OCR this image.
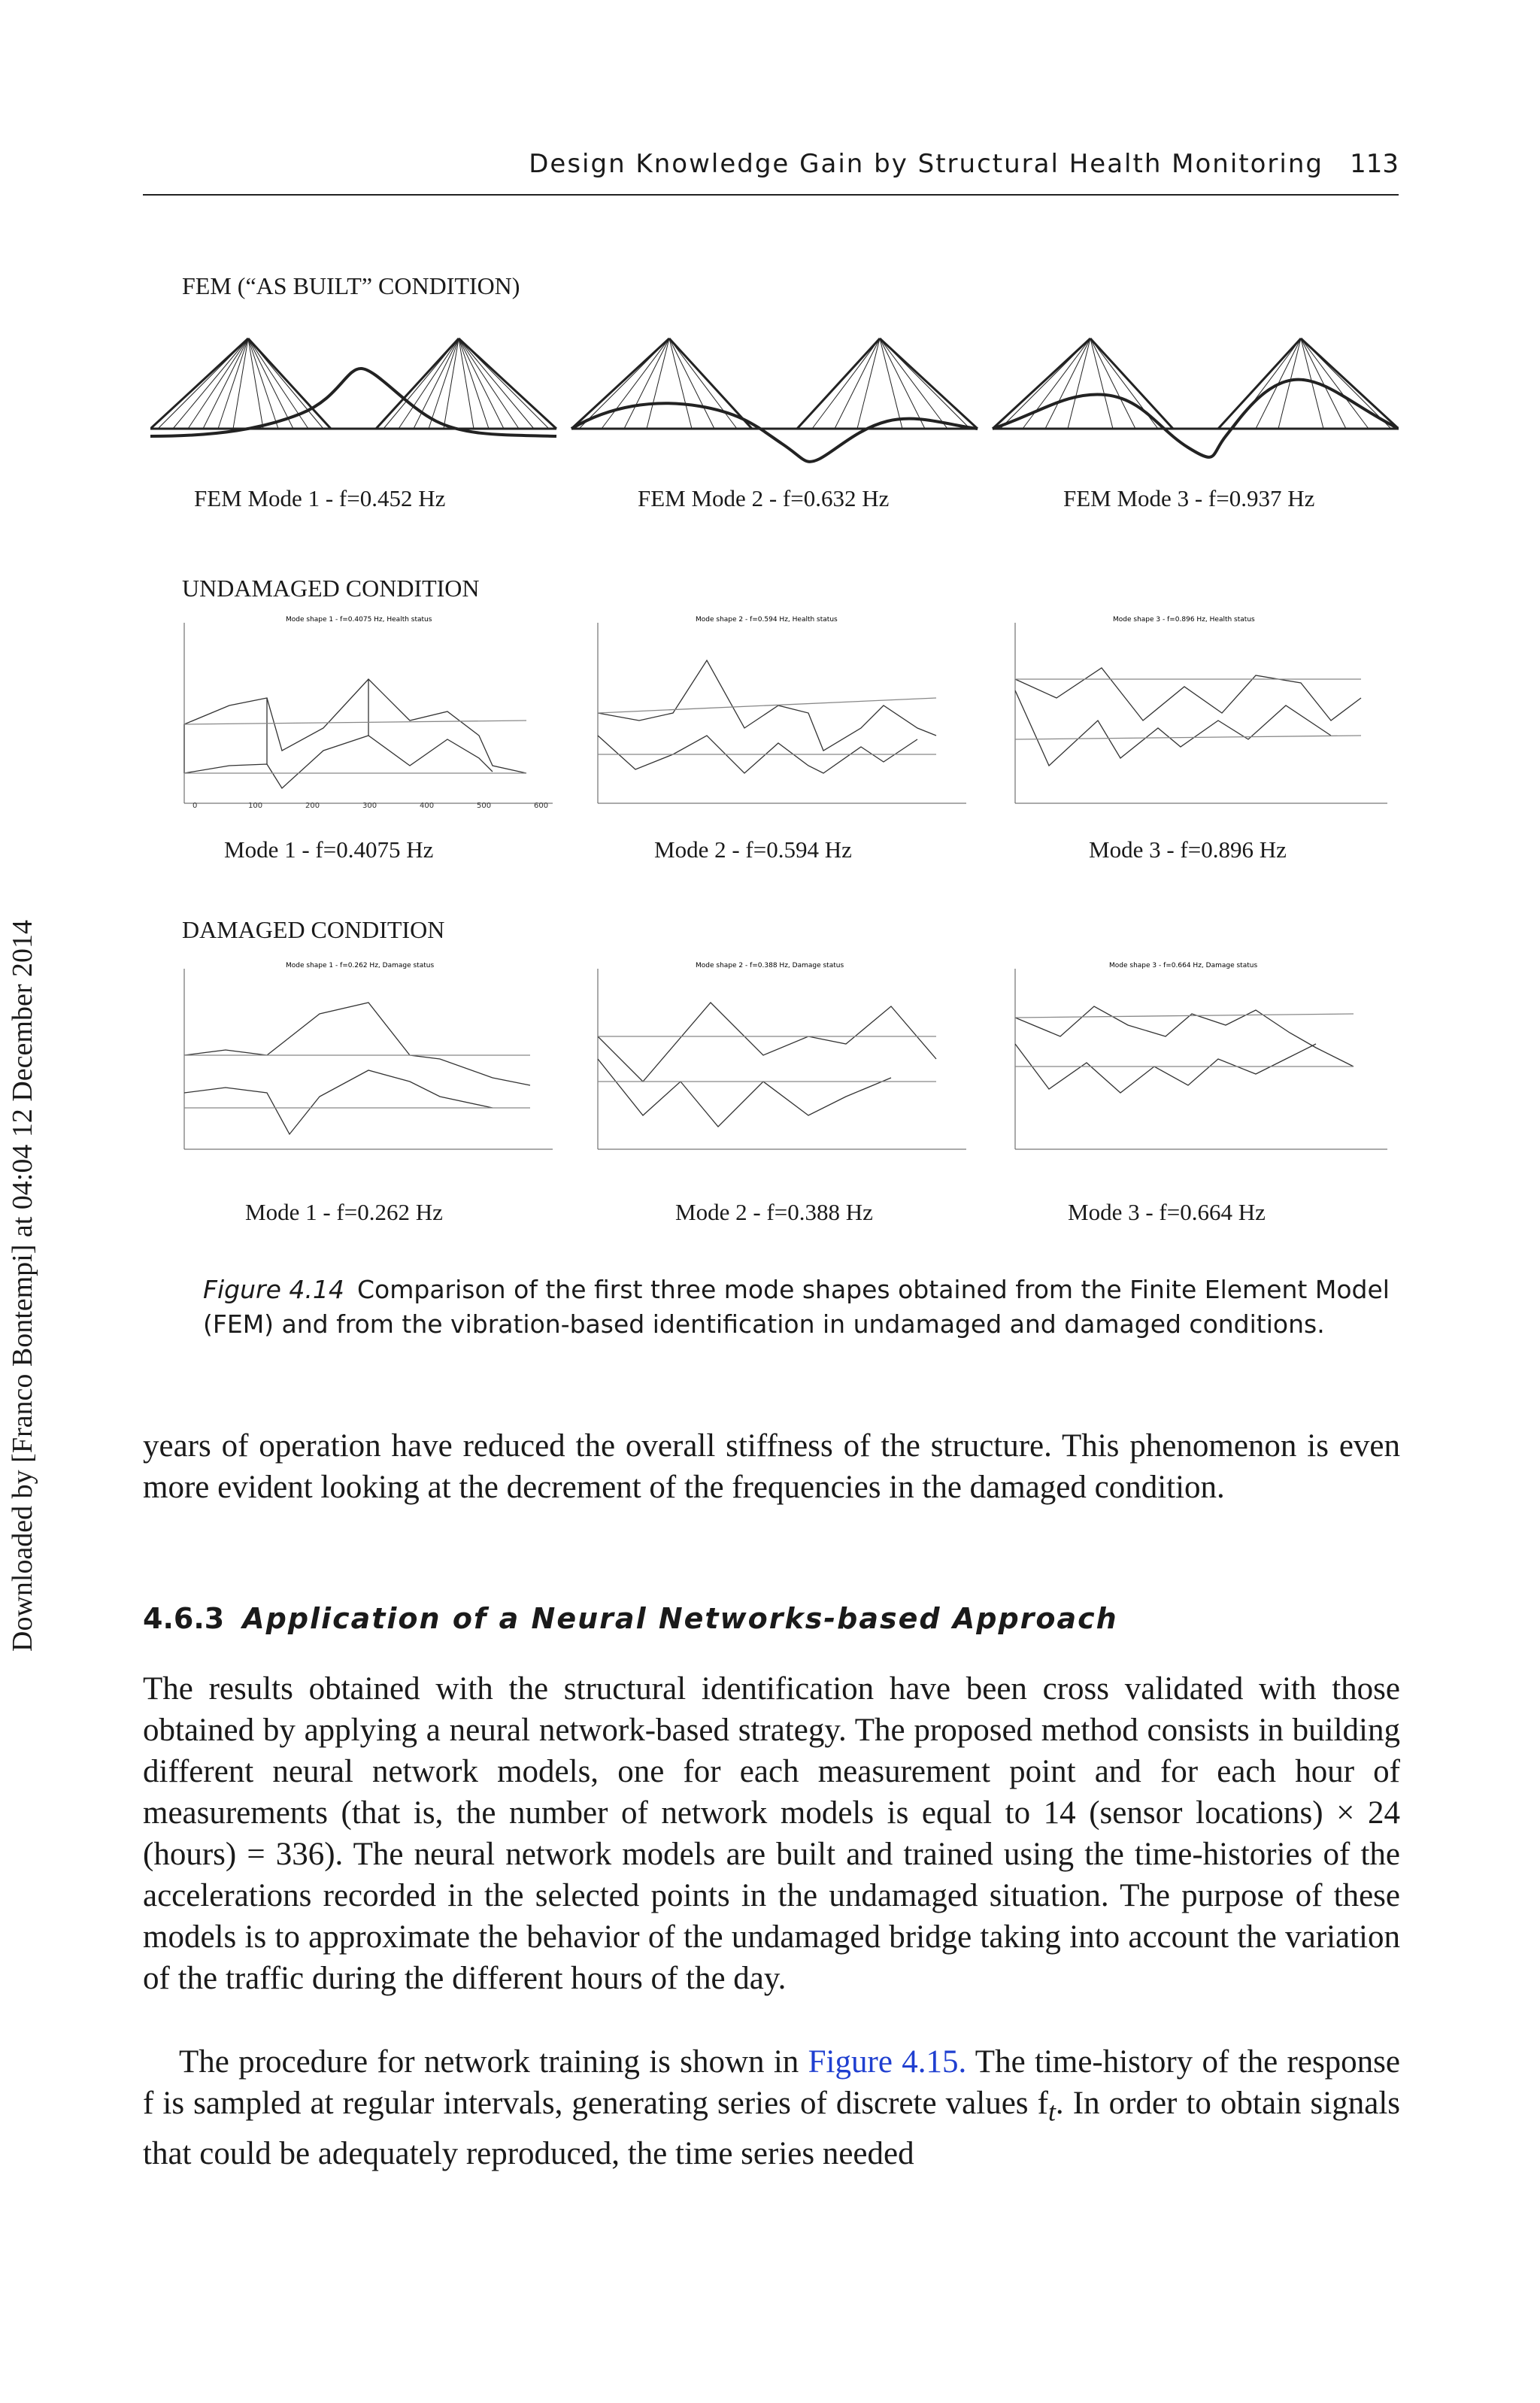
Design Knowledge Gain by Structural Health Monitoring 113
Downloaded by [Franco Bontempi] at 04:04 12 December 2014
FEM (“AS BUILT” CONDITION)
FEM Mode 1 - f=0.452 Hz	FEM Mode 2 - f=0.632 Hz	FEM Mode 3 - f=0.937 Hz
UNDAMAGED CONDITION
Mode shape 1 - f=0.4075 Hz, Health status	Mode shape 2 - f=0.594 Hz, Health status	Mode shape 3 - f=0.896 Hz, Health status
Mode 1 - f=0.4075 Hz	Mode 2 - f=0.594 Hz	Mode 3 - f=0.896 Hz
DAMAGED CONDITION
Mode shape 1 - f=0.262 Hz, Damage status	Mode shape 2 - f=0.388 Hz, Damage status	Mode shape 3 - f=0.664 Hz, Damage status
Mode 1 - f=0.262 Hz	Mode 2 - f=0.388 Hz	Mode 3 - f=0.664 Hz
0	100	200	300	400	500	600
Figure 4.14 Comparison of the first three mode shapes obtained from the Finite Element Model (FEM) and from the vibration-based identification in undamaged and damaged conditions.
years of operation have reduced the overall stiffness of the structure. This phenomenon is even more evident looking at the decrement of the frequencies in the damaged condition.
4.6.3 Application of a Neural Networks-based Approach
The results obtained with the structural identification have been cross validated with those obtained by applying a neural network-based strategy. The proposed method consists in building different neural network models, one for each measurement point and for each hour of measurements (that is, the number of network models is equal to 14 (sensor locations) × 24 (hours) = 336). The neural network models are built and trained using the time-histories of the accelerations recorded in the selected points in the undamaged situation. The purpose of these models is to approximate the behavior of the undamaged bridge taking into account the variation of the traffic during the different hours of the day.
The procedure for network training is shown in Figure 4.15. The time-history of the response f is sampled at regular intervals, generating series of discrete values $f_t$. In order to obtain signals that could be adequately reproduced, the time series needed
